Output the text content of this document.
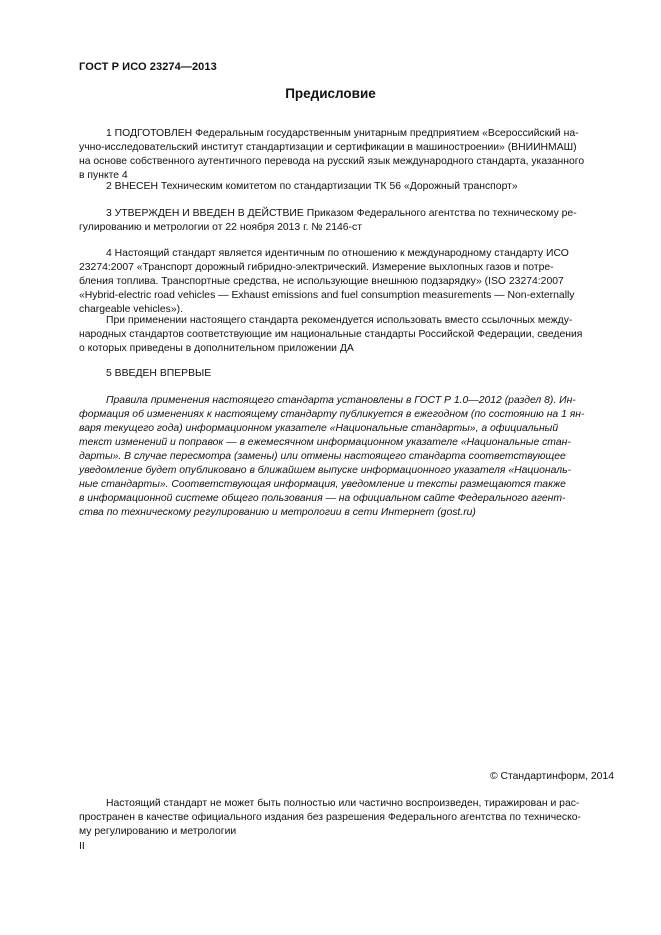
ГОСТ Р ИСО 23274—2013
Предисловие
1 ПОДГОТОВЛЕН Федеральным государственным унитарным предприятием «Всероссийский на-
учно-исследовательский институт стандартизации и сертификации в машиностроении» (ВНИИНМАШ)
на основе собственного аутентичного перевода на русский язык международного стандарта, указанного
в пункте 4
2 ВНЕСЕН Техническим комитетом по стандартизации ТК 56 «Дорожный транспорт»
3 УТВЕРЖДЕН И ВВЕДЕН В ДЕЙСТВИЕ Приказом Федерального агентства по техническому ре-
гулированию и метрологии от 22 ноября 2013 г. № 2146-ст
4 Настоящий стандарт является идентичным по отношению к международному стандарту ИСО
23274:2007 «Транспорт дорожный гибридно-электрический. Измерение выхлопных газов и потре-
бления топлива. Транспортные средства, не использующие внешнюю подзарядку» (ISO 23274:2007
«Hybrid-electric road vehicles — Exhaust emissions and fuel consumption measurements — Non-externally
chargeable vehicles»).
При применении настоящего стандарта рекомендуется использовать вместо ссылочных между-
народных стандартов соответствующие им национальные стандарты Российской Федерации, сведения
о которых приведены в дополнительном приложении ДА
5 ВВЕДЕН ВПЕРВЫЕ
Правила применения настоящего стандарта установлены в ГОСТ Р 1.0—2012 (раздел 8). Ин-
формация об изменениях к настоящему стандарту публикуется в ежегодном (по состоянию на 1 ян-
варя текущего года) информационном указателе «Национальные стандарты», а официальный
текст изменений и поправок — в ежемесячном информационном указателе «Национальные стан-
дарты». В случае пересмотра (замены) или отмены настоящего стандарта соответствующее
уведомление будет опубликовано в ближайшем выпуске информационного указателя «Националь-
ные стандарты». Соответствующая информация, уведомление и тексты размещаются также
в информационной системе общего пользования — на официальном сайте Федерального агент-
ства по техническому регулированию и метрологии в сети Интернет (gost.ru)
© Стандартинформ, 2014
Настоящий стандарт не может быть полностью или частично воспроизведен, тиражирован и рас-
пространен в качестве официального издания без разрешения Федерального агентства по техническо-
му регулированию и метрологии
II
